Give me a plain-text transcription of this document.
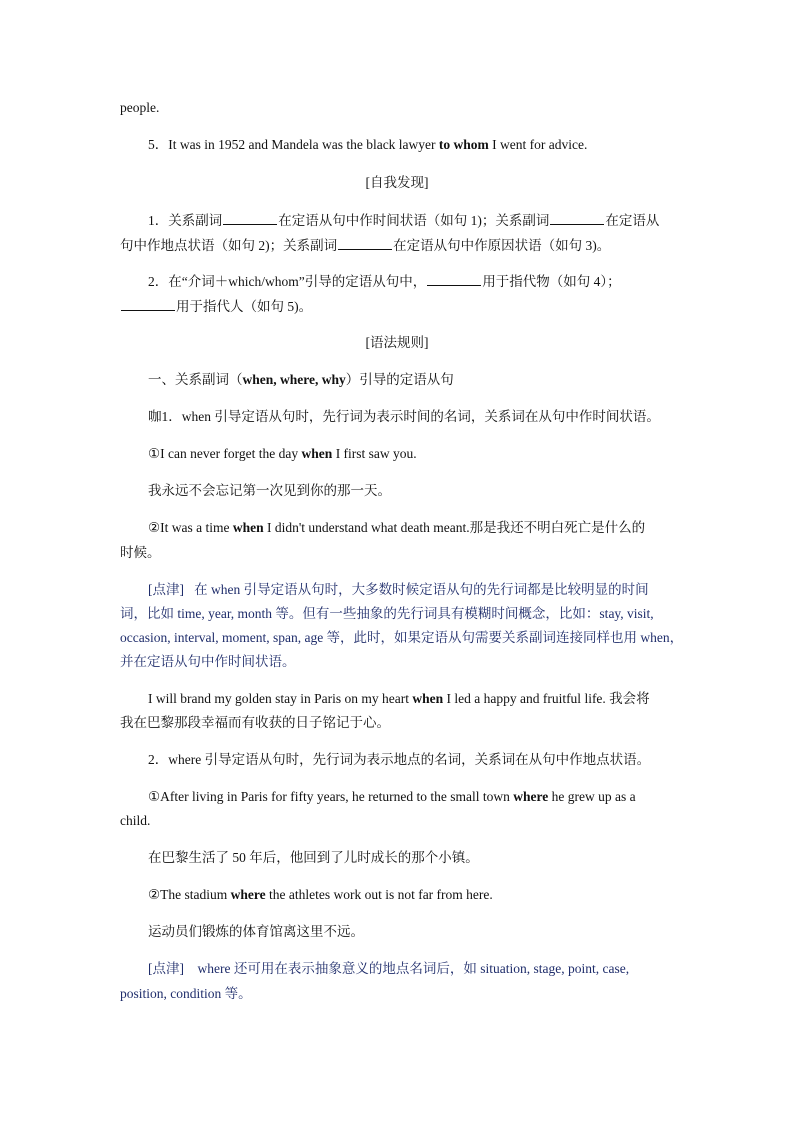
people.
5．It was in 1952 and Mandela was the black lawyer to whom I went for advice.
[自我发现]
1．关系副词	在定语从句中作时间状语（如句 1)；关系副词	在定语从
句中作地点状语（如句 2)；关系副词	在定语从句中作原因状语（如句 3)。
2．在“介词＋which/whom”引导的定语从句中，	用于指代物（如句 4）；
用于指代人（如句 5)。
[语法规则]
一、关系副词（when, where, why）引导的定语从句
咖1．when 引导定语从句时，先行词为表示时间的名词，关系词在从句中作时间状语。
①I can never forget the day when I first saw you.
我永远不会忘记第一次见到你的那一天。
②It was a time when I didn't understand what death meant.那是我还不明白死亡是什么的
时候。
[点津] 在 when 引导定语从句时，大多数时候定语从句的先行词都是比较明显的时间
词，比如 time, year, month 等。但有一些抽象的先行词具有模糊时间概念，比如：stay, visit,
occasion, interval, moment, span, age 等，此时，如果定语从句需要关系副词连接同样也用 when，
并在定语从句中作时间状语。
I will brand my golden stay in Paris on my heart when I led a happy and fruitful life. 我会将
我在巴黎那段幸福而有收获的日子铭记于心。
2．where 引导定语从句时，先行词为表示地点的名词，关系词在从句中作地点状语。
①After living in Paris for fifty years, he returned to the small town where he grew up as a
child.
在巴黎生活了 50 年后，他回到了儿时成长的那个小镇。
②The stadium where the athletes work out is not far from here.
运动员们锻炼的体育馆离这里不远。
[点津] where 还可用在表示抽象意义的地点名词后，如 situation, stage, point, case,
position, condition 等。
